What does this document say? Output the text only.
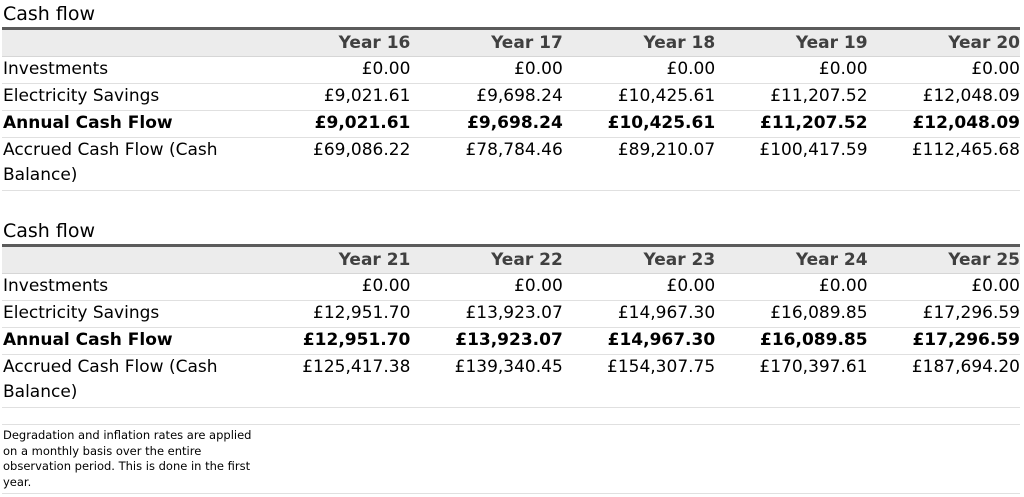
Cash flow
	Year 16	Year 17	Year 18	Year 19	Year 20
Investments	£0.00	£0.00	£0.00	£0.00	£0.00
Electricity Savings	£9,021.61	£9,698.24	£10,425.61	£11,207.52	£12,048.09
Annual Cash Flow	£9,021.61	£9,698.24	£10,425.61	£11,207.52	£12,048.09
Accrued Cash Flow (Cash Balance)	£69,086.22	£78,784.46	£89,210.07	£100,417.59	£112,465.68
Cash flow
	Year 21	Year 22	Year 23	Year 24	Year 25
Investments	£0.00	£0.00	£0.00	£0.00	£0.00
Electricity Savings	£12,951.70	£13,923.07	£14,967.30	£16,089.85	£17,296.59
Annual Cash Flow	£12,951.70	£13,923.07	£14,967.30	£16,089.85	£17,296.59
Accrued Cash Flow (Cash Balance)	£125,417.38	£139,340.45	£154,307.75	£170,397.61	£187,694.20
Degradation and inflation rates are applied on a monthly basis over the entire observation period. This is done in the first year.
